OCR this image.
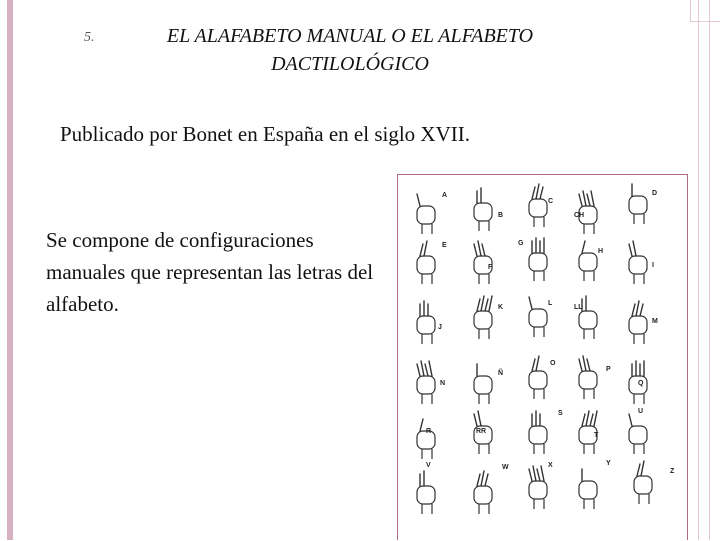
5.	EL ALAFABETO MANUAL O EL ALFABETO DACTILOLÓGICO
Publicado por Bonet en España en el siglo XVII.
Se compone de configuraciones manuales que representan las letras del alfabeto.
A
B
C
CH
D
E
F
G
H
I
J
K
L
LL
M
N
Ñ
O
P
Q
R	RR
S
T
U
V	W	X	Y
Z
